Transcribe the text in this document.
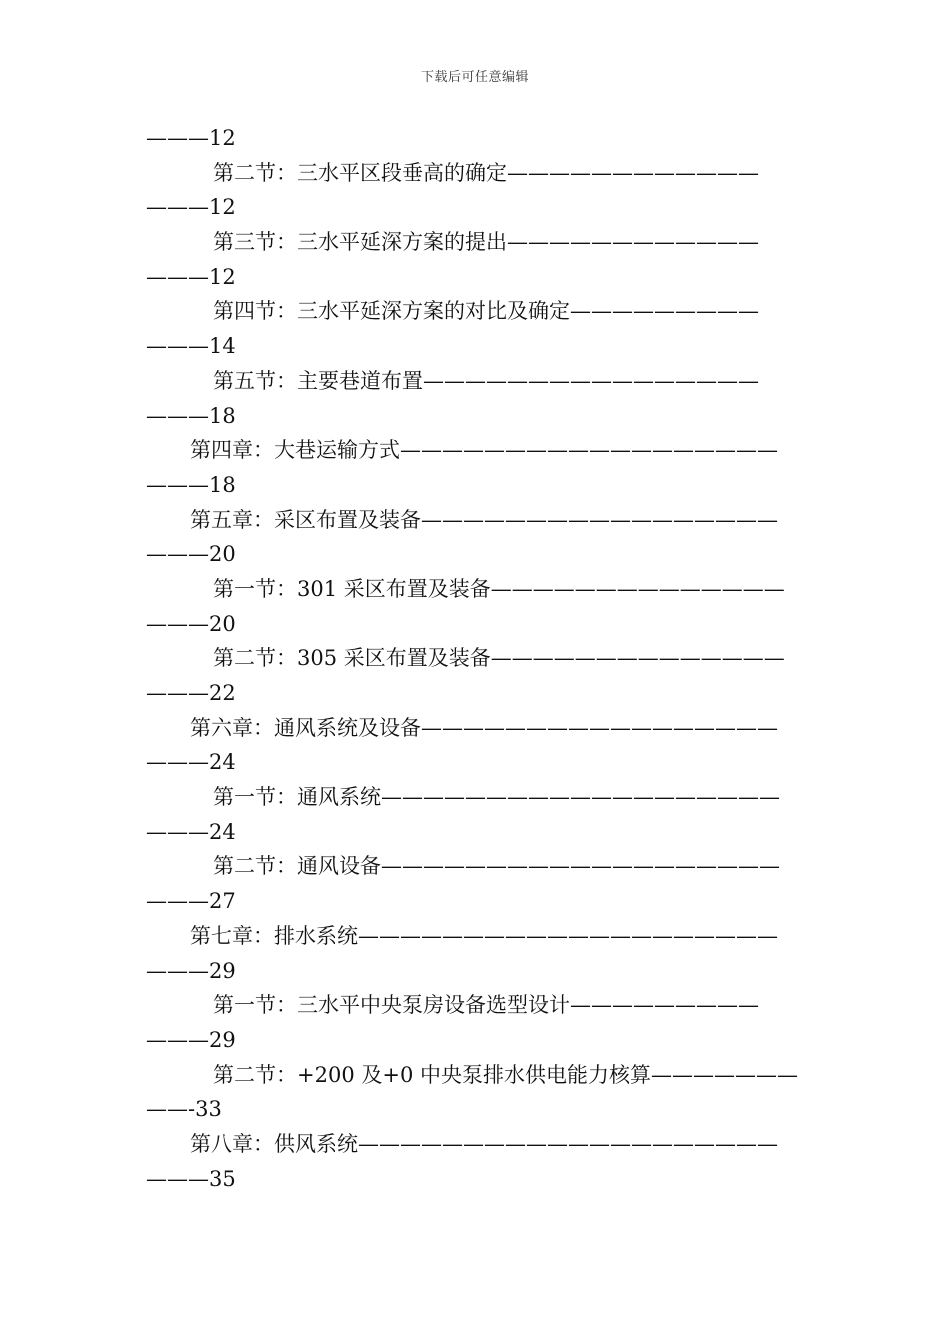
下载后可任意编辑
———12
第二节：三水平区段垂高的确定————————————
———12
第三节：三水平延深方案的提出————————————
———12
第四节：三水平延深方案的对比及确定—————————
———14
第五节：主要巷道布置————————————————
———18
第四章：大巷运输方式——————————————————
———18
第五章：采区布置及装备—————————————————
———20
第一节：301 采区布置及装备——————————————
———20
第二节：305 采区布置及装备——————————————
———22
第六章：通风系统及设备—————————————————
———24
第一节：通风系统———————————————————
———24
第二节：通风设备———————————————————
———27
第七章：排水系统————————————————————
———29
第一节：三水平中央泵房设备选型设计—————————
———29
第二节：+200 及+0 中央泵排水供电能力核算———————
——-33
第八章：供风系统————————————————————
———35
